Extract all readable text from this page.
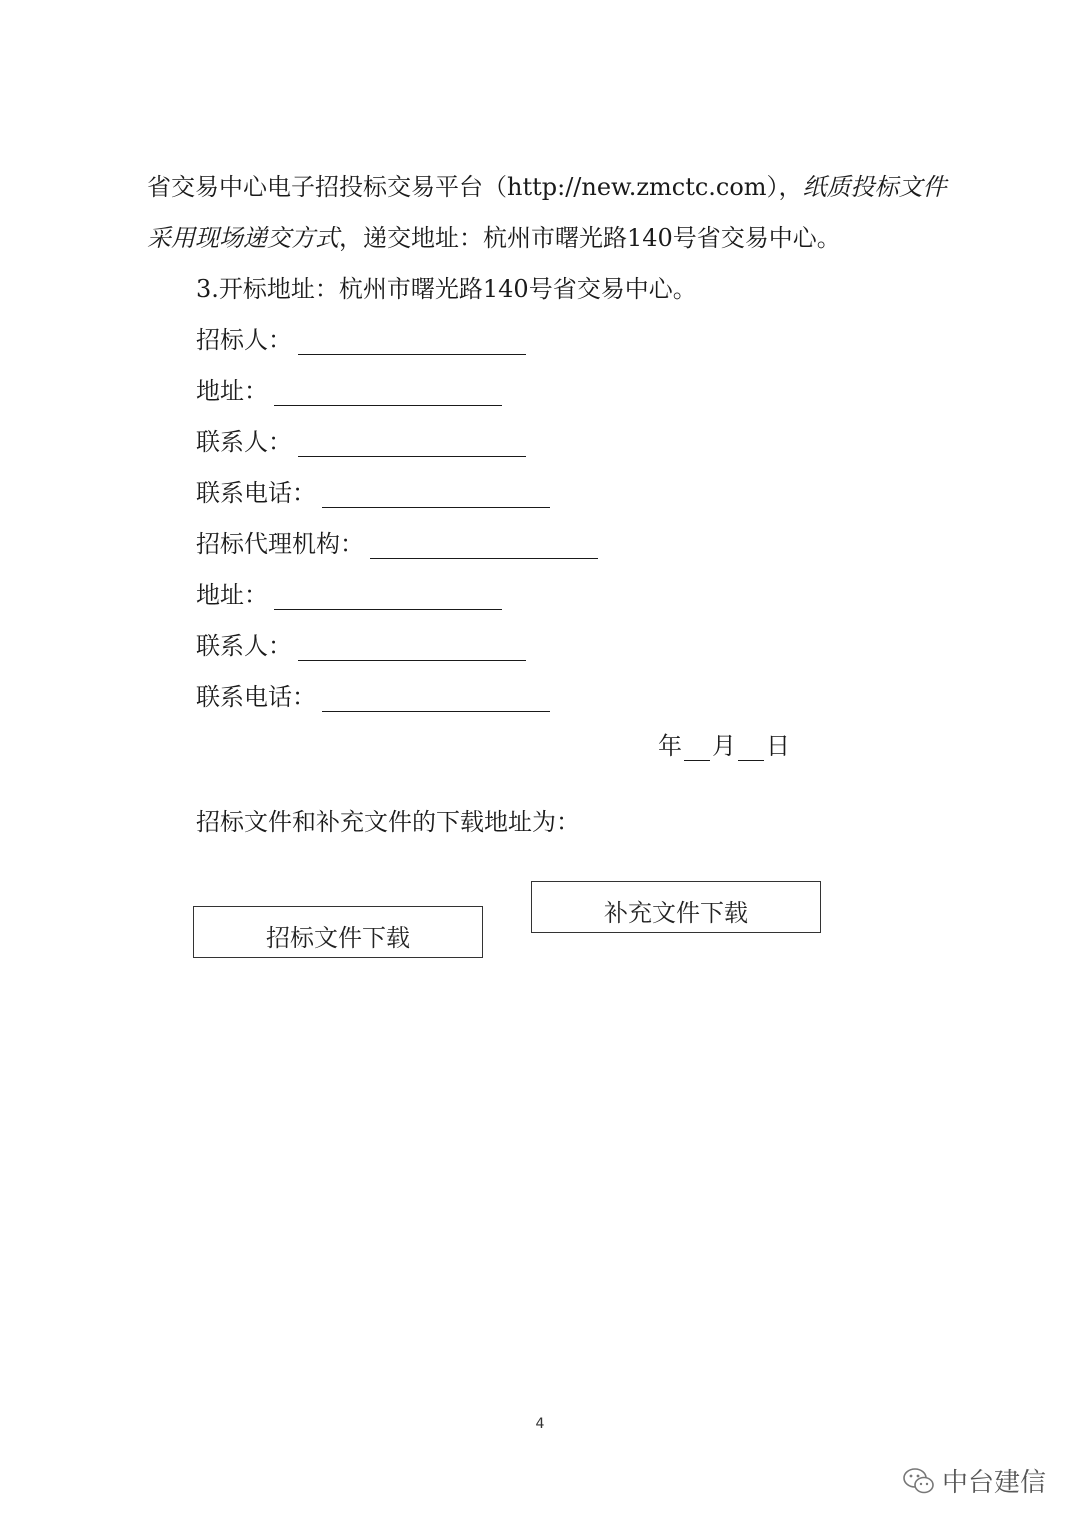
省交易中心电子招投标交易平台（http://new.zmctc.com），纸质投标文件
采用现场递交方式，递交地址：杭州市曙光路140号省交易中心。
3.开标地址：杭州市曙光路140号省交易中心。
招标人：
地址：
联系人：
联系电话：
招标代理机构：
地址：
联系人：
联系电话：
年 月 日
招标文件和补充文件的下载地址为：
招标文件下载
补充文件下载
4
中台建信
